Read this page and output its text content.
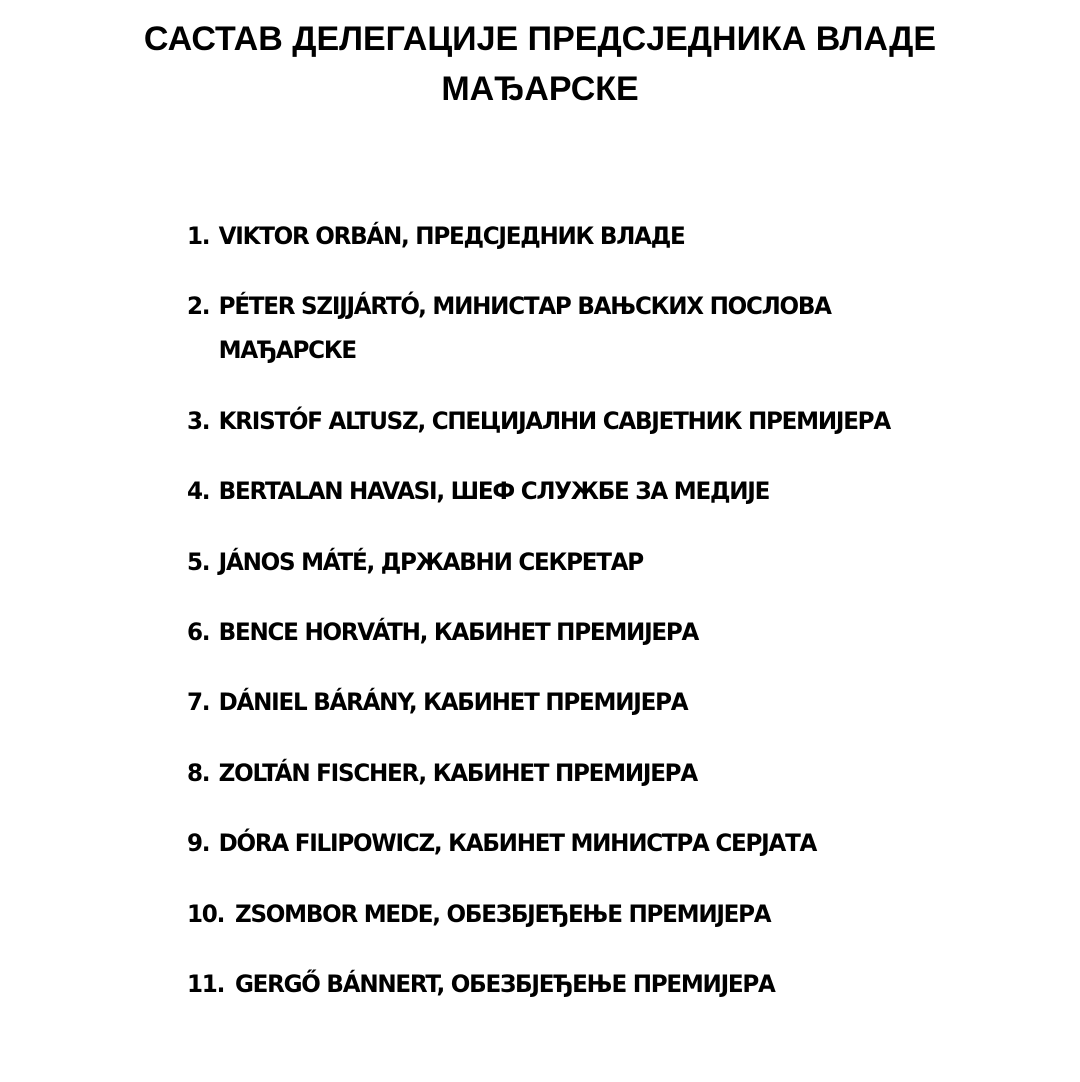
САСТАВ ДЕЛЕГАЦИЈЕ ПРЕДСЈЕДНИКА ВЛАДЕ
МАЂАРСКЕ
1. VIKTOR ORBÁN, ПРЕДСЈЕДНИК ВЛАДЕ
2. PÉTER SZIJJÁRTÓ, МИНИСТАР ВАЊСКИХ ПОСЛОВА МАЂАРСКЕ
3. KRISTÓF ALTUSZ, СПЕЦИЈАЛНИ САВЈЕТНИК ПРЕМИЈЕРА
4. BERTALAN HAVASI, ШЕФ СЛУЖБЕ ЗА МЕДИЈЕ
5. JÁNOS MÁTÉ, ДРЖАВНИ СЕКРЕТАР
6. BENCE HORVÁTH, КАБИНЕТ ПРЕМИЈЕРА
7. DÁNIEL BÁRÁNY, КАБИНЕТ ПРЕМИЈЕРА
8. ZOLTÁN FISCHER, КАБИНЕТ ПРЕМИЈЕРА
9. DÓRA FILIPOWICZ, КАБИНЕТ МИНИСТРА СЕРЈАТА
10. ZSOMBOR MEDE, ОБЕЗБЈЕЂЕЊЕ ПРЕМИЈЕРА
11. GERGŐ BÁNNERT, ОБЕЗБЈЕЂЕЊЕ ПРЕМИЈЕРА
